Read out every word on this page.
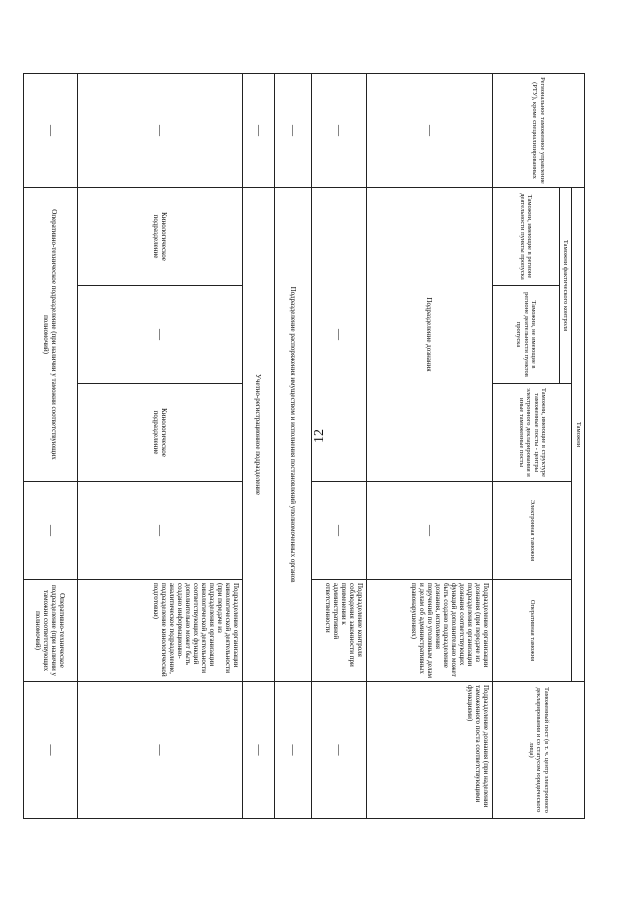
12
Региональное таможенное управление (РТУ), кроме специализированных	Таможни					Таможенный пост (в т. ч. центр электронного декларирования и со статусом юридического лица)
	Таможни фактического контроля		Таможни, имеющие в структуре таможенные посты - центры электронного декларирования и иные таможенные посты	Электронная таможня	Оперативная таможня	
	Таможни, имеющие в регионе деятельности пункты пропуска	Таможни, не имеющие в регионе деятельности пунктов пропуска				
—	Подразделение дознания			—	Подразделение организации дознания (при передаче из подразделения организации дознания соответствующих функций дополнительно может быть создано подразделение дознания, исполнения поручений по уголовным делам и делам об административных правонарушениях)	Подразделение дознания (при наделении таможенного поста соответствующими функциями)
—	—			—	Подразделение контроля соблюдения законности при применении к административной ответственности	—
—	Подразделение распоряжения имуществом и исполнения постановлений уполномоченных органов					—
—	Учетно-регистрационное подразделение					—
—	Кинологическое подразделение	—	Кинологическое подразделение	—	Подразделение организации кинологической деятельности (при передаче из подразделения организации кинологической деятельности соответствующих функций дополнительно может быть создано информационно-аналитическое подразделение, подразделение кинологической подготовки)	—
—	Оперативно-техническое подразделение (при наличии у таможни соответствующих полномочий)			—	Оперативно-техническое подразделение (при наличии у таможни соответствующих полномочий)	—
